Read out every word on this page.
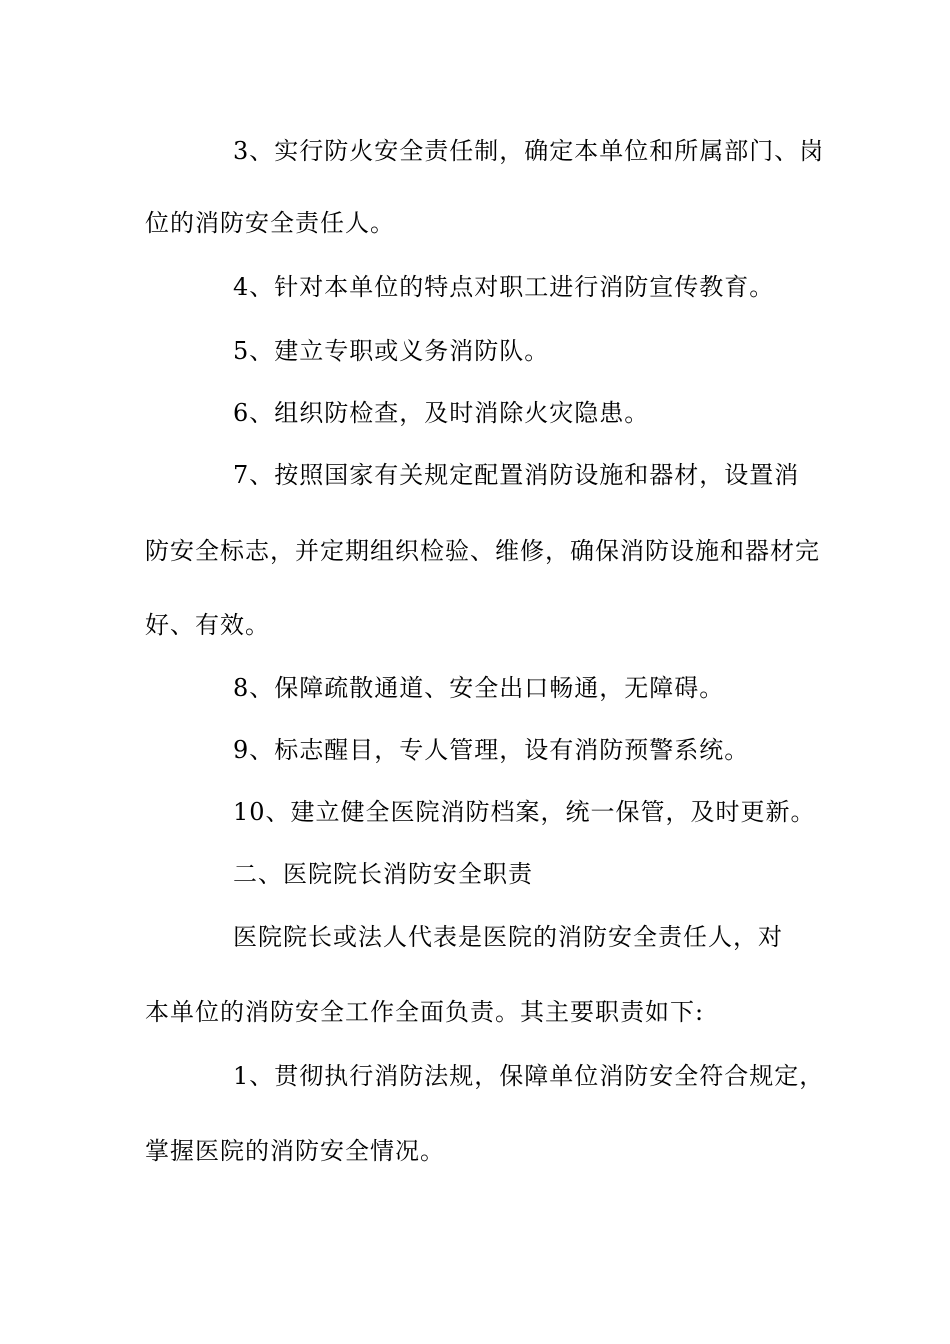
3、实行防火安全责任制，确定本单位和所属部门、岗
位的消防安全责任人。
4、针对本单位的特点对职工进行消防宣传教育。
5、建立专职或义务消防队。
6、组织防检查，及时消除火灾隐患。
7、按照国家有关规定配置消防设施和器材，设置消
防安全标志，并定期组织检验、维修，确保消防设施和器材完
好、有效。
8、保障疏散通道、安全出口畅通，无障碍。
9、标志醒目，专人管理，设有消防预警系统。
10、建立健全医院消防档案，统一保管，及时更新。
二、医院院长消防安全职责
医院院长或法人代表是医院的消防安全责任人，对
本单位的消防安全工作全面负责。其主要职责如下:
1、贯彻执行消防法规，保障单位消防安全符合规定，
掌握医院的消防安全情况。
